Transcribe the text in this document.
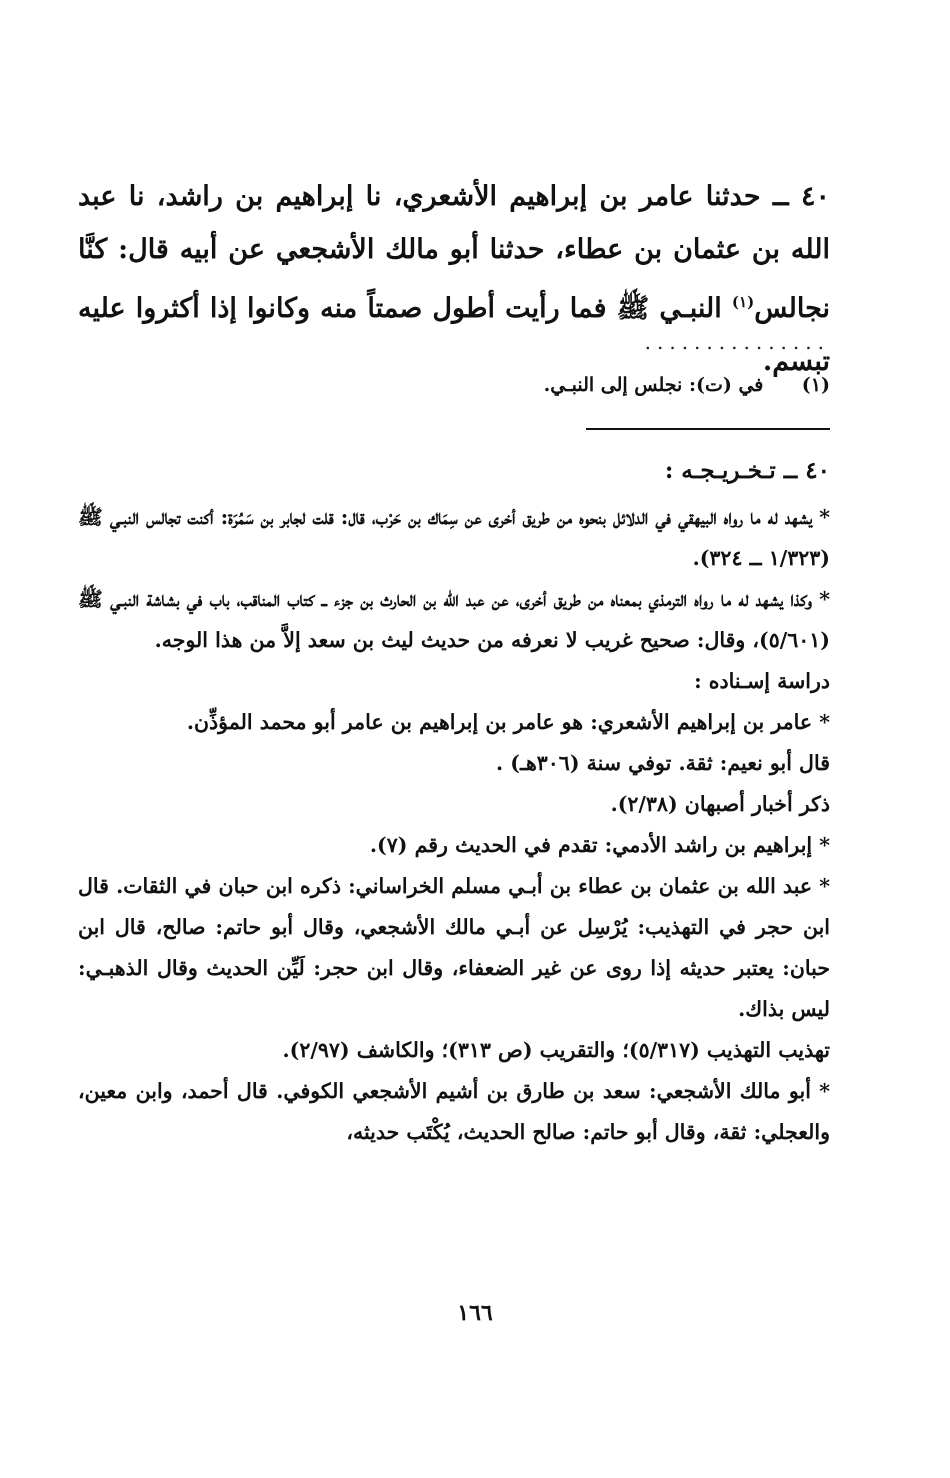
٤٠ ــ حدثنا عامر بن إبراهيم الأشعري، نا إبراهيم بن راشد، نا عبد الله بن عثمان بن عطاء، حدثنا أبو مالك الأشجعي عن أبيه قال: كنَّا نجالس$^{(١)}$ النبـي ﷺ فما رأيت أطول صمتاً منه وكانوا إذا أكثروا عليه تبسم.
...............
(١) في (ت): نجلس إلى النبـي.
٤٠ ــ تـخـريـجـه :

* يشهد له ما رواه البيهقي في الدلائل بنحوه من طريق أخرى عن سِمَاك بن حَرْب، قال: قلت لجابر بن سَمُرَة: أكنت تجالس النبـي ﷺ (١/٣٢٣ ــ ٣٢٤).

* وكذا يشهد له ما رواه الترمذي بمعناه من طريق أخرى، عن عبد الله بن الحارث بن جزء ــ كتاب المناقب، باب في بشاشة النبـي ﷺ (٥/٦٠١)، وقال: صحيح غريب لا نعرفه من حديث ليث بن سعد إلاَّ من هذا الوجه.

دراسة إسـناده :

* عامر بن إبراهيم الأشعري: هو عامر بن إبراهيم بن عامر أبو محمد المؤذِّن.

قال أبو نعيم: ثقة. توفي سنة (٣٠٦هـ) .

ذكر أخبار أصبهان (٢/٣٨).

* إبراهيم بن راشد الأدمي: تقدم في الحديث رقم (٧).

* عبد الله بن عثمان بن عطاء بن أبـي مسلم الخراساني: ذكره ابن حبان في الثقات. قال ابن حجر في التهذيب: يُرْسِل عن أبـي مالك الأشجعي، وقال أبو حاتم: صالح، قال ابن حبان: يعتبر حديثه إذا روى عن غير الضعفاء، وقال ابن حجر: لَيِّن الحديث وقال الذهبـي: ليس بذاك.

تهذيب التهذيب (٥/٣١٧)؛ والتقريب (ص ٣١٣)؛ والكاشف (٢/٩٧).

* أبو مالك الأشجعي: سعد بن طارق بن أشيم الأشجعي الكوفي. قال أحمد، وابن معين، والعجلي: ثقة، وقال أبو حاتم: صالح الحديث، يُكْتَب حديثه،

١٦٦
